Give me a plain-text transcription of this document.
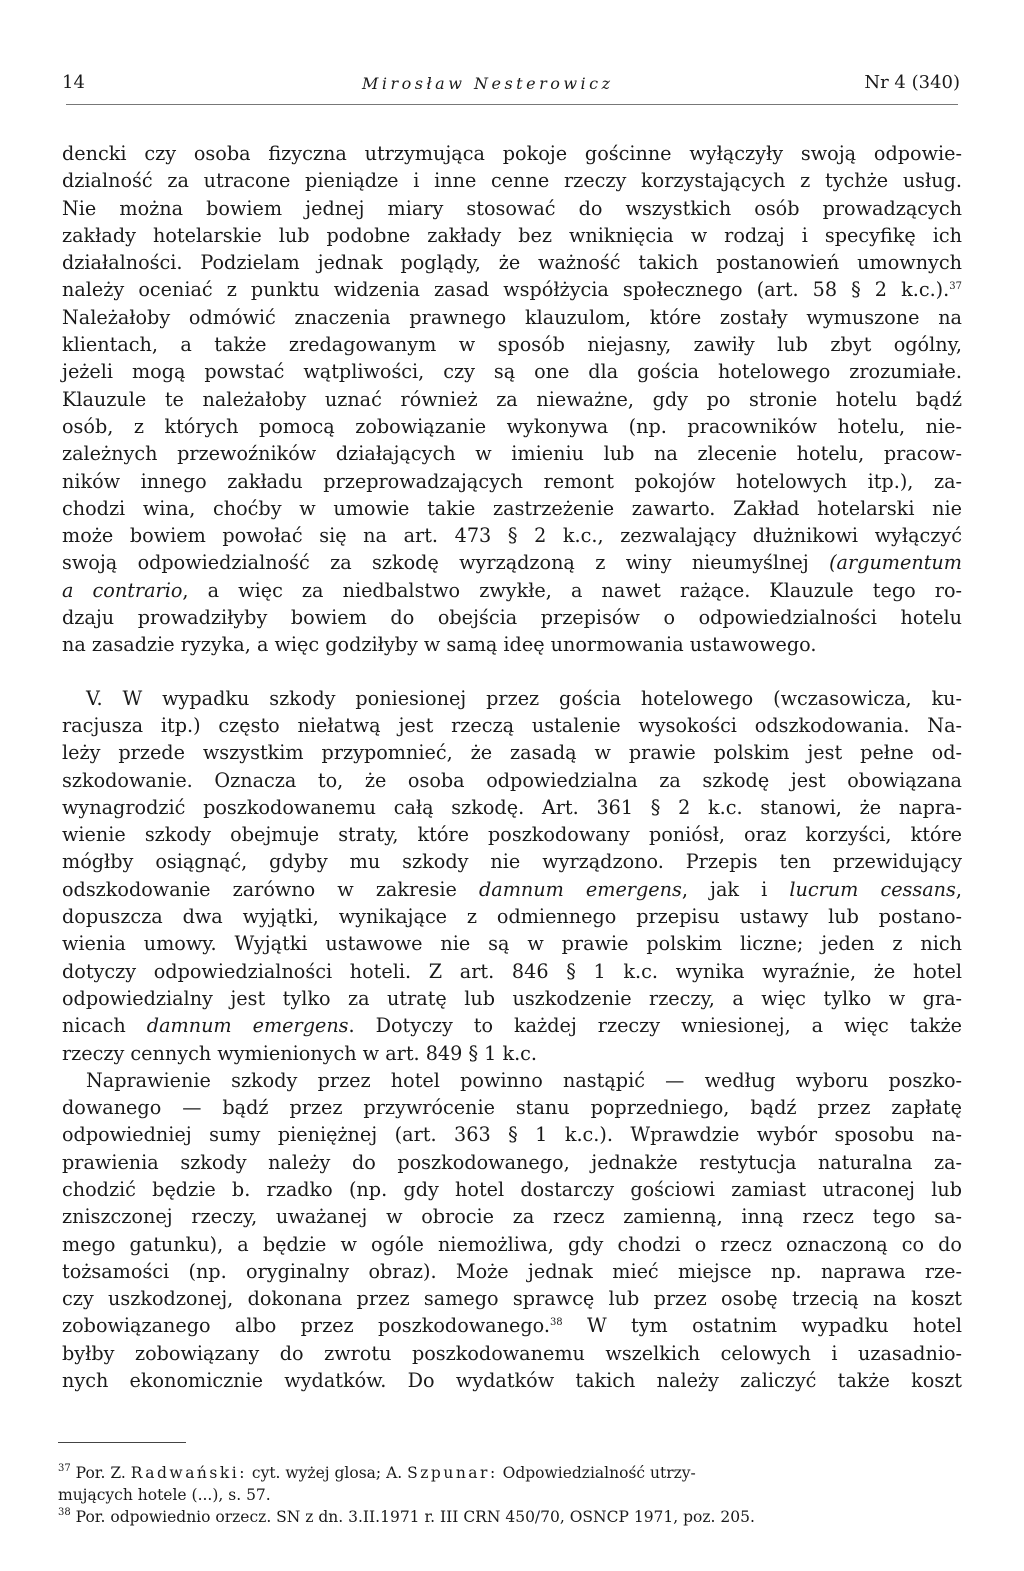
14	Mirosław Nesterowicz	Nr 4 (340)
dencki czy osoba fizyczna utrzymująca pokoje gościnne wyłączyły swoją odpowie-
dzialność za utracone pieniądze i inne cenne rzeczy korzystających z tychże usług.
Nie można bowiem jednej miary stosować do wszystkich osób prowadzących
zakłady hotelarskie lub podobne zakłady bez wniknięcia w rodzaj i specyfikę ich
działalności. Podzielam jednak poglądy, że ważność takich postanowień umownych
należy oceniać z punktu widzenia zasad współżycia społecznego (art. 58 § 2 k.c.).$^{37}$
Należałoby odmówić znaczenia prawnego klauzulom, które zostały wymuszone na
klientach, a także zredagowanym w sposób niejasny, zawiły lub zbyt ogólny,
jeżeli mogą powstać wątpliwości, czy są one dla gościa hotelowego zrozumiałe.
Klauzule te należałoby uznać również za nieważne, gdy po stronie hotelu bądź
osób, z których pomocą zobowiązanie wykonywa (np. pracowników hotelu, nie-
zależnych przewoźników działających w imieniu lub na zlecenie hotelu, pracow-
ników innego zakładu przeprowadzających remont pokojów hotelowych itp.), za-
chodzi wina, choćby w umowie takie zastrzeżenie zawarto. Zakład hotelarski nie
może bowiem powołać się na art. 473 § 2 k.c., zezwalający dłużnikowi wyłączyć
swoją odpowiedzialność za szkodę wyrządzoną z winy nieumyślnej (argumentum
a contrario, a więc za niedbalstwo zwykłe, a nawet rażące. Klauzule tego ro-
dzaju prowadziłyby bowiem do obejścia przepisów o odpowiedzialności hotelu
na zasadzie ryzyka, a więc godziłyby w samą ideę unormowania ustawowego.
V. W wypadku szkody poniesionej przez gościa hotelowego (wczasowicza, ku-
racjusza itp.) często niełatwą jest rzeczą ustalenie wysokości odszkodowania. Na-
leży przede wszystkim przypomnieć, że zasadą w prawie polskim jest pełne od-
szkodowanie. Oznacza to, że osoba odpowiedzialna za szkodę jest obowiązana
wynagrodzić poszkodowanemu całą szkodę. Art. 361 § 2 k.c. stanowi, że napra-
wienie szkody obejmuje straty, które poszkodowany poniósł, oraz korzyści, które
mógłby osiągnąć, gdyby mu szkody nie wyrządzono. Przepis ten przewidujący
odszkodowanie zarówno w zakresie damnum emergens, jak i lucrum cessans,
dopuszcza dwa wyjątki, wynikające z odmiennego przepisu ustawy lub postano-
wienia umowy. Wyjątki ustawowe nie są w prawie polskim liczne; jeden z nich
dotyczy odpowiedzialności hoteli. Z art. 846 § 1 k.c. wynika wyraźnie, że hotel
odpowiedzialny jest tylko za utratę lub uszkodzenie rzeczy, a więc tylko w gra-
nicach damnum emergens. Dotyczy to każdej rzeczy wniesionej, a więc także
rzeczy cennych wymienionych w art. 849 § 1 k.c.
Naprawienie szkody przez hotel powinno nastąpić — według wyboru poszko-
dowanego — bądź przez przywrócenie stanu poprzedniego, bądź przez zapłatę
odpowiedniej sumy pieniężnej (art. 363 § 1 k.c.). Wprawdzie wybór sposobu na-
prawienia szkody należy do poszkodowanego, jednakże restytucja naturalna za-
chodzić będzie b. rzadko (np. gdy hotel dostarczy gościowi zamiast utraconej lub
zniszczonej rzeczy, uważanej w obrocie za rzecz zamienną, inną rzecz tego sa-
mego gatunku), a będzie w ogóle niemożliwa, gdy chodzi o rzecz oznaczoną co do
tożsamości (np. oryginalny obraz). Może jednak mieć miejsce np. naprawa rze-
czy uszkodzonej, dokonana przez samego sprawcę lub przez osobę trzecią na koszt
zobowiązanego albo przez poszkodowanego.$^{38}$ W tym ostatnim wypadku hotel
byłby zobowiązany do zwrotu poszkodowanemu wszelkich celowych i uzasadnio-
nych ekonomicznie wydatków. Do wydatków takich należy zaliczyć także koszt
$^{37}$ Por. Z. Radwański: cyt. wyżej glosa; A. Szpunar: Odpowiedzialność utrzy-
mujących hotele (...), s. 57.
$^{38}$ Por. odpowiednio orzecz. SN z dn. 3.II.1971 r. III CRN 450/70, OSNCP 1971, poz. 205.
